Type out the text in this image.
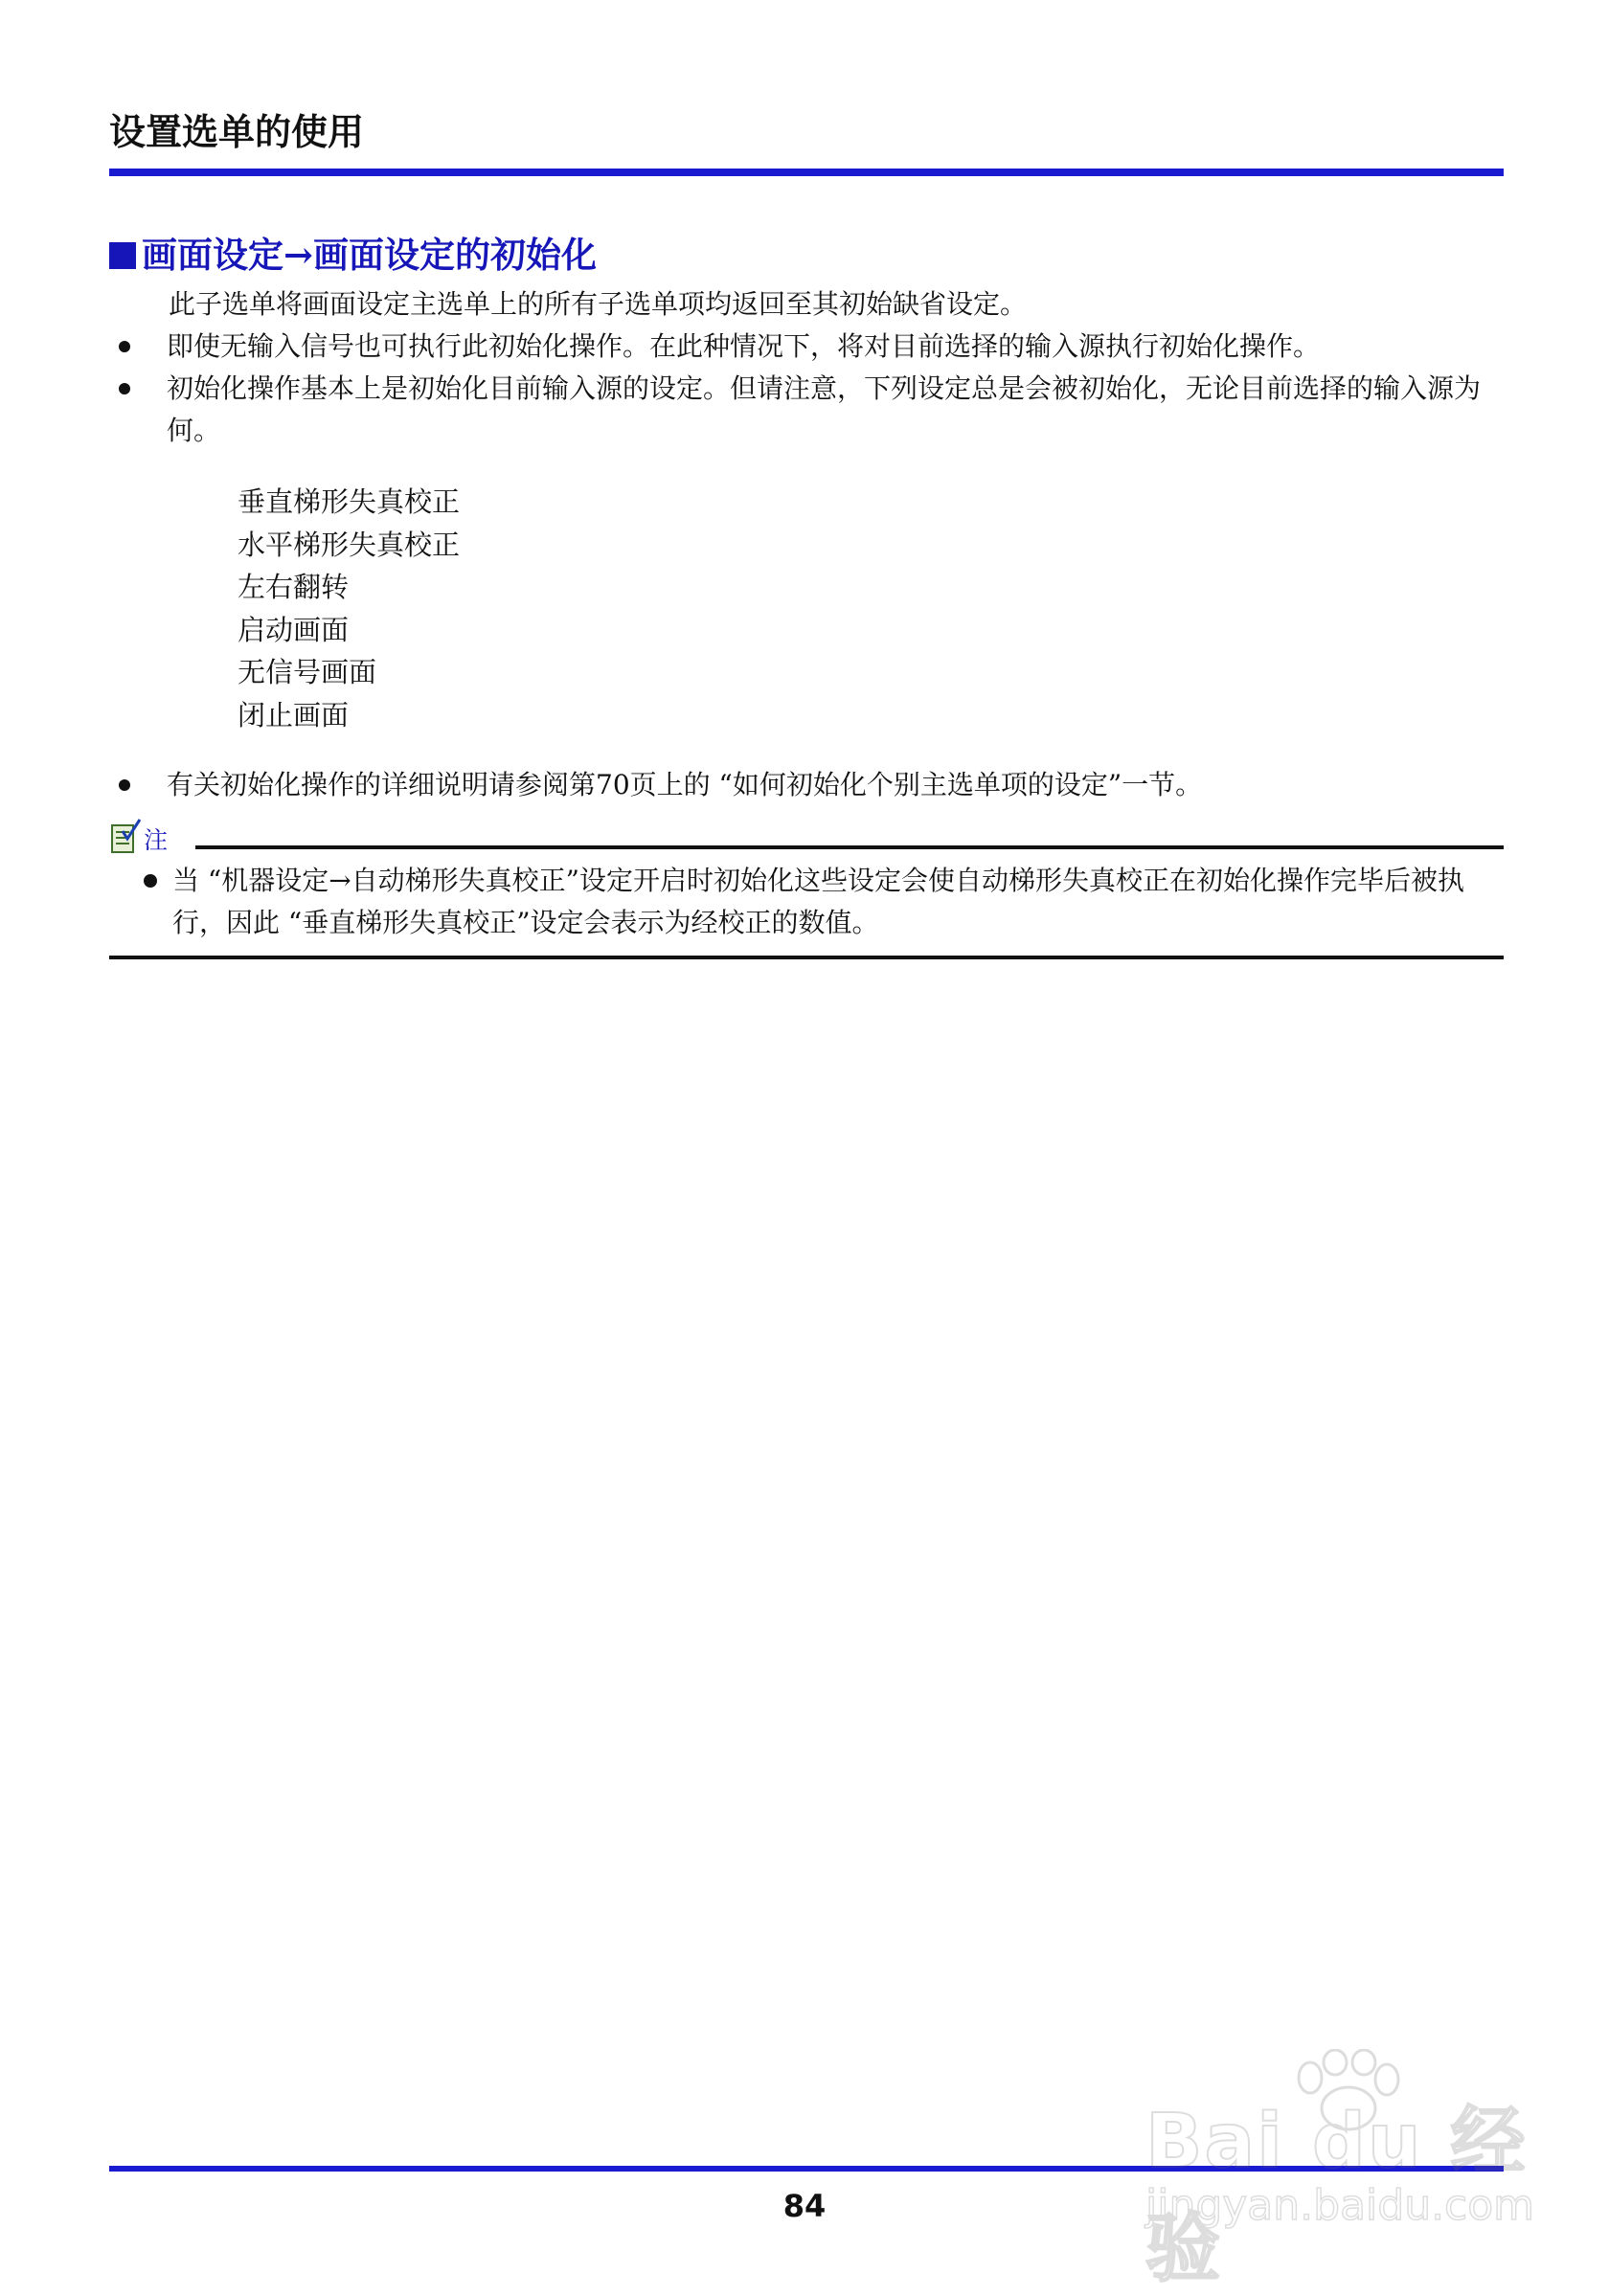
设置选单的使用
画面设定→画面设定的初始化

此子选单将画面设定主选单上的所有子选单项均返回至其初始缺省设定。

即使无输入信号也可执行此初始化操作。在此种情况下，将对目前选择的输入源执行初始化操作。
初始化操作基本上是初始化目前输入源的设定。但请注意，下列设定总是会被初始化，无论目前选择的输入源为何。
垂直梯形失真校正
水平梯形失真校正
左右翻转
启动画面
无信号画面
闭止画面
有关初始化操作的详细说明请参阅第70页上的 “如何初始化个别主选单项的设定”一节。
注
当 “机器设定→自动梯形失真校正”设定开启时初始化这些设定会使自动梯形失真校正在初始化操作完毕后被执行，因此 “垂直梯形失真校正”设定会表示为经校正的数值。
84
Bai du 经验
jingyan.baidu.com
